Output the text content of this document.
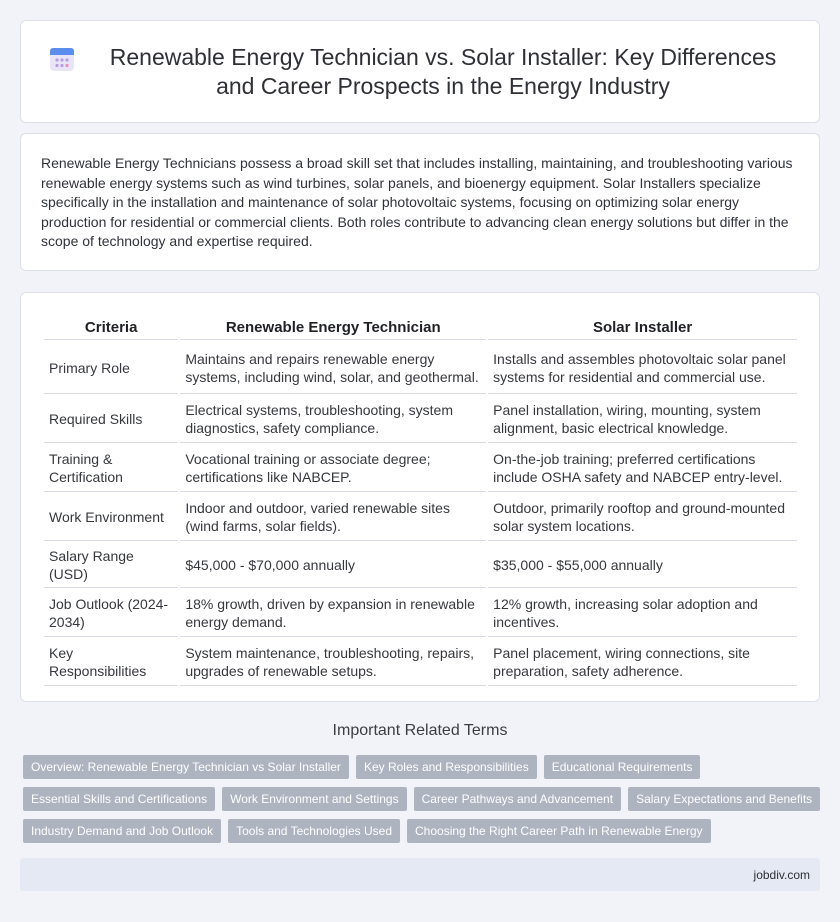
Renewable Energy Technician vs. Solar Installer: Key Differences and Career Prospects in the Energy Industry

Renewable Energy Technicians possess a broad skill set that includes installing, maintaining, and troubleshooting various renewable energy systems such as wind turbines, solar panels, and bioenergy equipment. Solar Installers specialize specifically in the installation and maintenance of solar photovoltaic systems, focusing on optimizing solar energy production for residential or commercial clients. Both roles contribute to advancing clean energy solutions but differ in the scope of technology and expertise required.

Criteria	Renewable Energy Technician	Solar Installer
Primary Role	Maintains and repairs renewable energy systems, including wind, solar, and geothermal.	Installs and assembles photovoltaic solar panel systems for residential and commercial use.
Required Skills	Electrical systems, troubleshooting, system diagnostics, safety compliance.	Panel installation, wiring, mounting, system alignment, basic electrical knowledge.
Training & Certification	Vocational training or associate degree; certifications like NABCEP.	On-the-job training; preferred certifications include OSHA safety and NABCEP entry-level.
Work Environment	Indoor and outdoor, varied renewable sites (wind farms, solar fields).	Outdoor, primarily rooftop and ground-mounted solar system locations.
Salary Range (USD)	$45,000 - $70,000 annually	$35,000 - $55,000 annually
Job Outlook (2024-2034)	18% growth, driven by expansion in renewable energy demand.	12% growth, increasing solar adoption and incentives.
Key Responsibilities	System maintenance, troubleshooting, repairs, upgrades of renewable setups.	Panel placement, wiring connections, site preparation, safety adherence.
Important Related Terms
Overview: Renewable Energy Technician vs Solar Installer	Key Roles and Responsibilities	Educational Requirements
Essential Skills and Certifications	Work Environment and Settings	Career Pathways and Advancement	Salary Expectations and Benefits
Industry Demand and Job Outlook	Tools and Technologies Used	Choosing the Right Career Path in Renewable Energy
jobdiv.com
